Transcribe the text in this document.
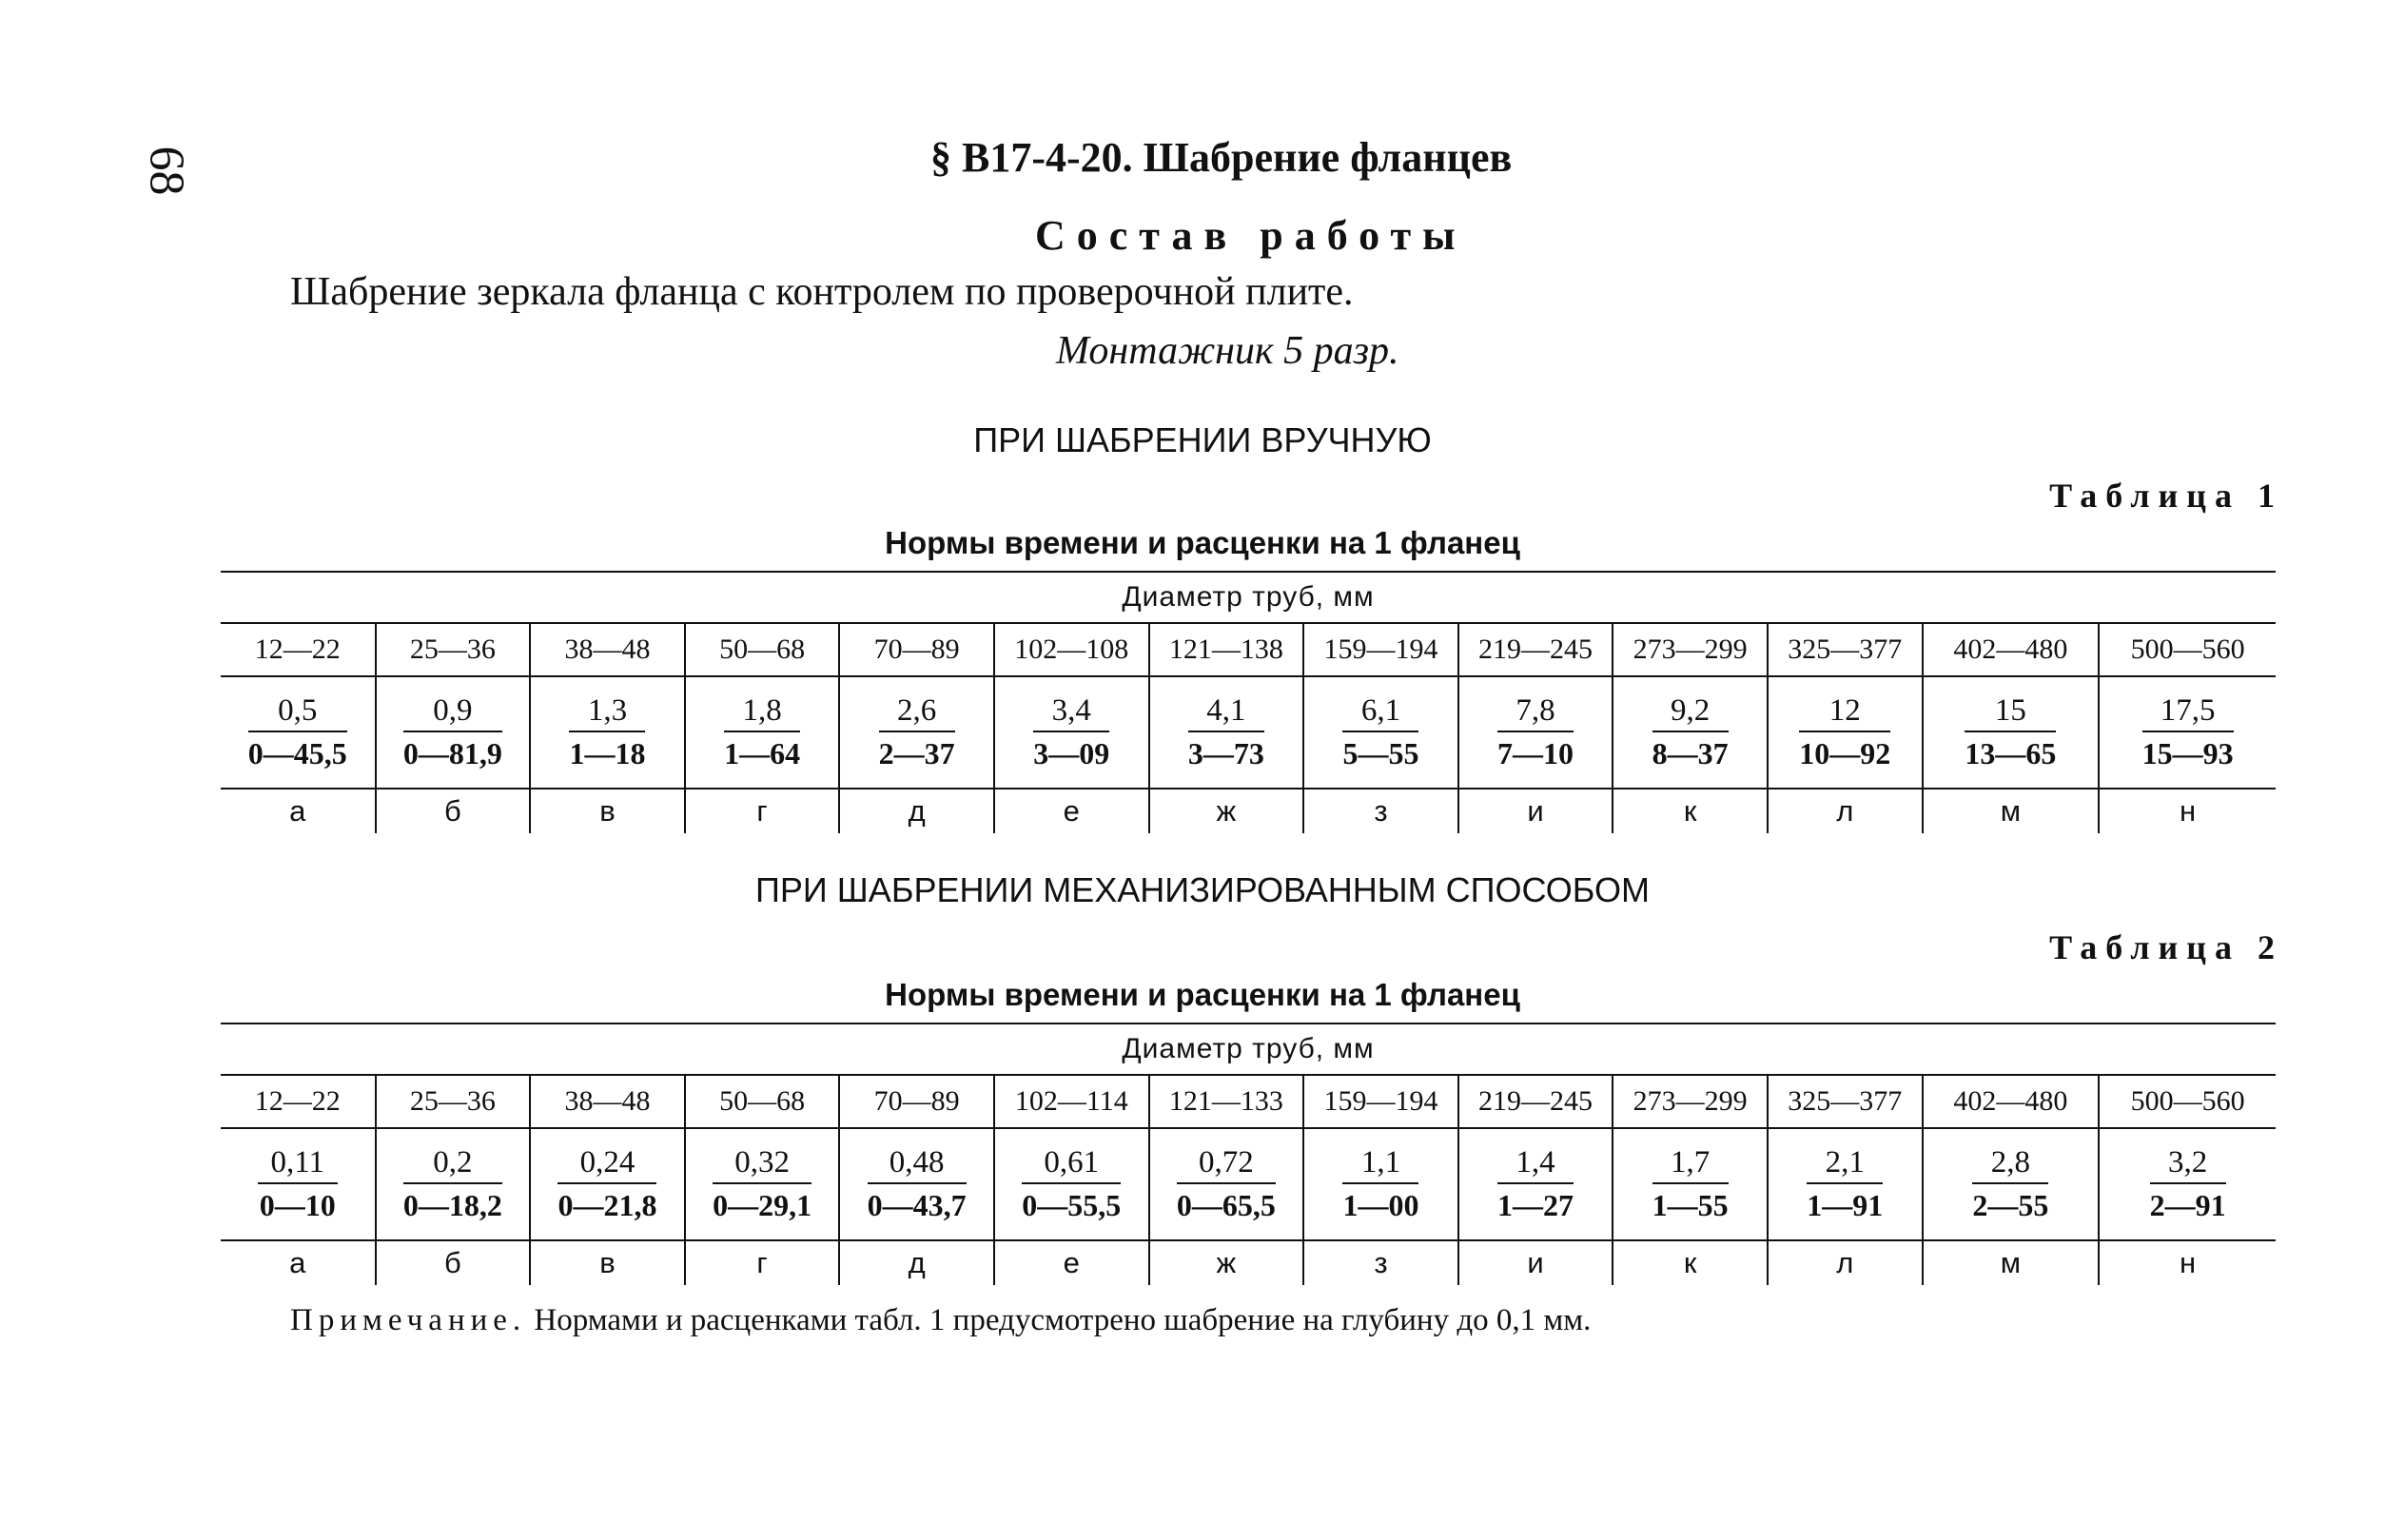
68	§ В17-4-20. Шабрение фланцев
Состав работы
Шабрение зеркала фланца с контролем по проверочной плите.
Монтажник 5 разр.
ПРИ ШАБРЕНИИ ВРУЧНУЮ
Таблица 1
Нормы времени и расценки на 1 фланец
Диаметр труб, мм												
12—22	25—36	38—48	50—68	70—89	102—108	121—138	159—194	219—245	273—299	325—377	402—480	500—560

$\frac{0,5}{0—45,5}$	$\frac{0,9}{0—81,9}$	$\frac{1,3}{1—18}$	$\frac{1,8}{1—64}$	$\frac{2,6}{2—37}$	$\frac{3,4}{3—09}$	$\frac{4,1}{3—73}$	$\frac{6,1}{5—55}$	$\frac{7,8}{7—10}$	$\frac{9,2}{8—37}$	$\frac{12}{10—92}$	$\frac{15}{13—65}$	$\frac{17,5}{15—93}$

а	б	в	г	д	е	ж	з	и	к	л	м	н
ПРИ ШАБРЕНИИ МЕХАНИЗИРОВАННЫМ СПОСОБОМ
Таблица 2
Нормы времени и расценки на 1 фланец
Диаметр труб, мм												
12—22	25—36	38—48	50—68	70—89	102—114	121—133	159—194	219—245	273—299	325—377	402—480	500—560

$\frac{0,11}{0—10}$	$\frac{0,2}{0—18,2}$	$\frac{0,24}{0—21,8}$	$\frac{0,32}{0—29,1}$	$\frac{0,48}{0—43,7}$	$\frac{0,61}{0—55,5}$	$\frac{0,72}{0—65,5}$	$\frac{1,1}{1—00}$	$\frac{1,4}{1—27}$	$\frac{1,7}{1—55}$	$\frac{2,1}{1—91}$	$\frac{2,8}{2—55}$	$\frac{3,2}{2—91}$

а	б	в	г	д	е	ж	з	и	к	л	м	н
Примечание. Нормами и расценками табл. 1 предусмотрено шабрение на глубину до 0,1 мм.
